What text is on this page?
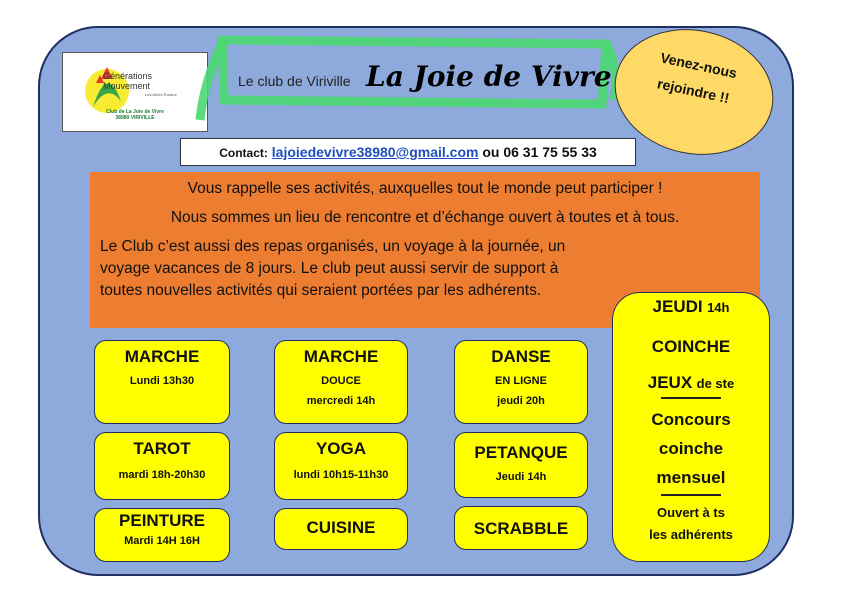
Générations
Mouvement
Les Aînés Ruraux
Club de La Joie de Vivre
38980 VIRIVILLE
Le club de Viriville La Joie de Vivre	Venez-nous
rejoindre !!
Contact: lajoiedevivre38980@gmail.com ou 06 31 75 55 33

Vous rappelle ses activités, auxquelles tout le monde peut participer !

Nous sommes un lieu de rencontre et d’échange ouvert à toutes et à tous.

Le Club c’est aussi des repas organisés, un voyage à la journée, un voyage vacances de 8 jours. Le club peut aussi servir de support à toutes nouvelles activités qui seraient portées par les adhérents.

MARCHE
Lundi 13h30
MARCHE
DOUCE
mercredi 14h
DANSE
EN LIGNE
jeudi 20h
TAROT
mardi 18h-20h30
YOGA
lundi 10h15-11h30
PETANQUE
Jeudi 14h
PEINTURE
Mardi 14H 16H
CUISINE	SCRABBLE
JEUDI 14h
COINCHE
JEUX de ste
Concours
coinche
mensuel
Ouvert à ts
les adhérents
